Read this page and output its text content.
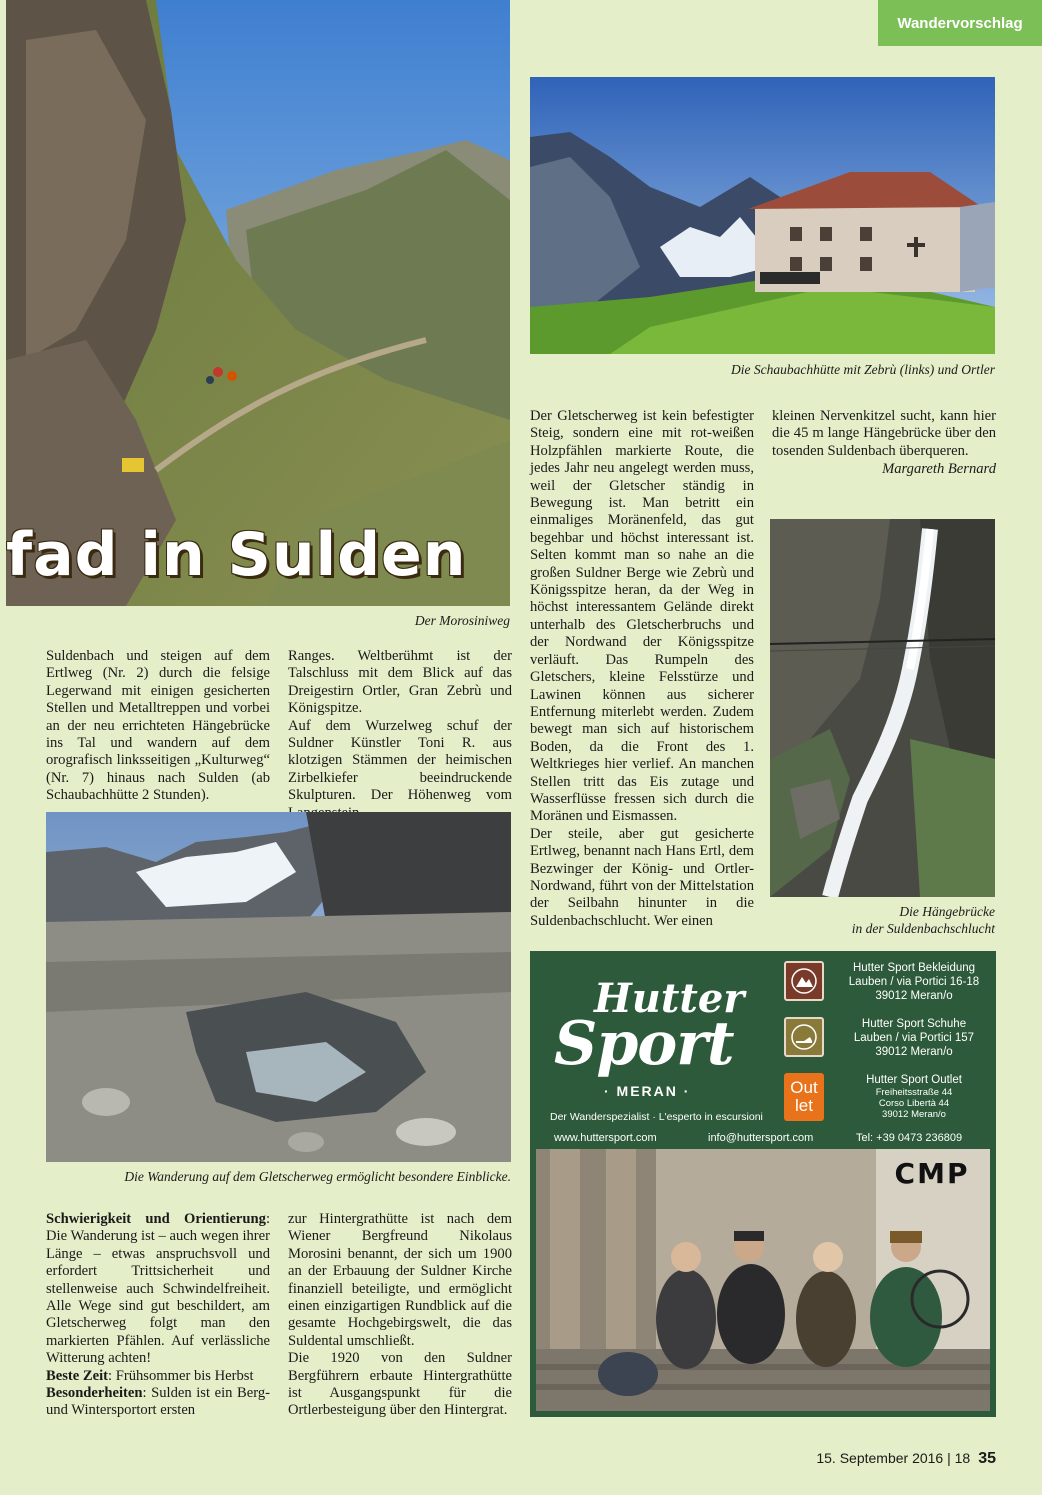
Wandervorschlag
fad in Sulden
Der Morosiniweg
Die Schaubachhütte mit Zebrù (links) und Ortler

Der Gletscherweg ist kein befestigter Steig, sondern eine mit rot-weißen Holzpfählen markierte Route, die jedes Jahr neu angelegt werden muss, weil der Gletscher ständig in Bewegung ist. Man betritt ein einmaliges Moränenfeld, das gut begehbar und höchst interessant ist. Selten kommt man so nahe an die großen Suldner Berge wie Zebrù und Königsspitze heran, da der Weg in höchst interessantem Gelände direkt unterhalb des Gletscherbruchs und der Nordwand der Königsspitze verläuft. Das Rumpeln des Gletschers, kleine Felsstürze und Lawinen können aus sicherer Entfernung miterlebt werden. Zudem bewegt man sich auf historischem Boden, da die Front des 1. Weltkrieges hier verlief. An manchen Stellen tritt das Eis zutage und Wasserflüsse fressen sich durch die Moränen und Eismassen.

Der steile, aber gut gesicherte Ertlweg, benannt nach Hans Ertl, dem Bezwinger der König- und Ortler-Nordwand, führt von der Mittelstation der Seilbahn hinunter in die Suldenbachschlucht. Wer einen

kleinen Nervenkitzel sucht, kann hier die 45 m lange Hängebrücke über den tosenden Suldenbach überqueren.

Margareth Bernard

Die Hängebrücke
in der Suldenbachschlucht

Suldenbach und steigen auf dem Ertlweg (Nr. 2) durch die felsige Legerwand mit einigen gesicherten Stellen und Metalltreppen und vorbei an der neu errichteten Hängebrücke ins Tal und wandern auf dem orografisch linksseitigen „Kulturweg“ (Nr. 7) hinaus nach Sulden (ab Schaubachhütte 2 Stunden).

Ranges. Weltberühmt ist der Talschluss mit dem Blick auf das Dreigestirn Ortler, Gran Zebrù und Königspitze.

Auf dem Wurzelweg schuf der Suldner Künstler Toni R. aus klotzigen Stämmen der heimischen Zirbelkiefer beeindruckende Skulpturen. Der Höhenweg vom

Die Wanderung auf dem Gletscherweg ermöglicht besondere Einblicke.

Schwierigkeit und Orientierung: Die Wanderung ist – auch wegen ihrer Länge – etwas anspruchsvoll und erfordert Trittsicherheit und stellenweise auch Schwindelfreiheit. Alle Wege sind gut beschildert, am Gletscherweg folgt man den markierten Pfählen. Auf verlässliche Witterung achten!

Beste Zeit: Frühsommer bis Herbst

Besonderheiten: Sulden ist ein Berg- und Wintersportort ersten

zur Hintergrathütte ist nach dem Wiener Bergfreund Nikolaus Morosini benannt, der sich um 1900 an der Erbauung der Suldner Kirche finanziell beteiligte, und ermöglicht einen einzigartigen Rundblick auf die gesamte Hochgebirgswelt, die das Suldental umschließt.

Die 1920 von den Suldner Bergführern erbaute Hintergrathütte ist Ausgangspunkt für die Ortlerbesteigung über den Hintergrat.

Hutter
Sport
· MERAN ·
Der Wanderspezialist · L'esperto in escursioni
Hutter Sport Bekleidung
Lauben / via Portici 16-18
39012 Meran/o
Hutter Sport Schuhe
Lauben / via Portici 157
39012 Meran/o
Out let
Hutter Sport Outlet
Freiheitsstraße 44
Corso Libertà 44
39012 Meran/o
www.huttersport.com	info@huttersport.com	Tel: +39 0473 236809
CMP
15. September 2016 | 18 35
